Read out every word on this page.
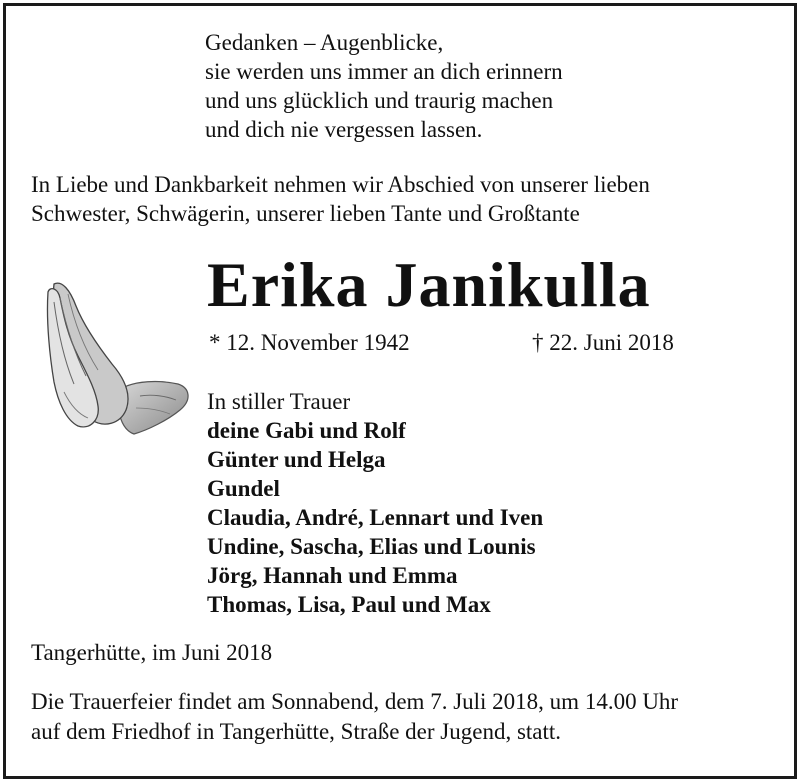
Gedanken – Augenblicke,
sie werden uns immer an dich erinnern
und uns glücklich und traurig machen
und dich nie vergessen lassen.
In Liebe und Dankbarkeit nehmen wir Abschied von unserer lieben
Schwester, Schwägerin, unserer lieben Tante und Großtante
Erika Janikulla
* 12. November 1942	† 22. Juni 2018
In stiller Trauer
deine Gabi und Rolf
Günter und Helga
Gundel
Claudia, André, Lennart und Iven
Undine, Sascha, Elias und Lounis
Jörg, Hannah und Emma
Thomas, Lisa, Paul und Max
Tangerhütte, im Juni 2018
Die Trauerfeier findet am Sonnabend, dem 7. Juli 2018, um 14.00 Uhr
auf dem Friedhof in Tangerhütte, Straße der Jugend, statt.
